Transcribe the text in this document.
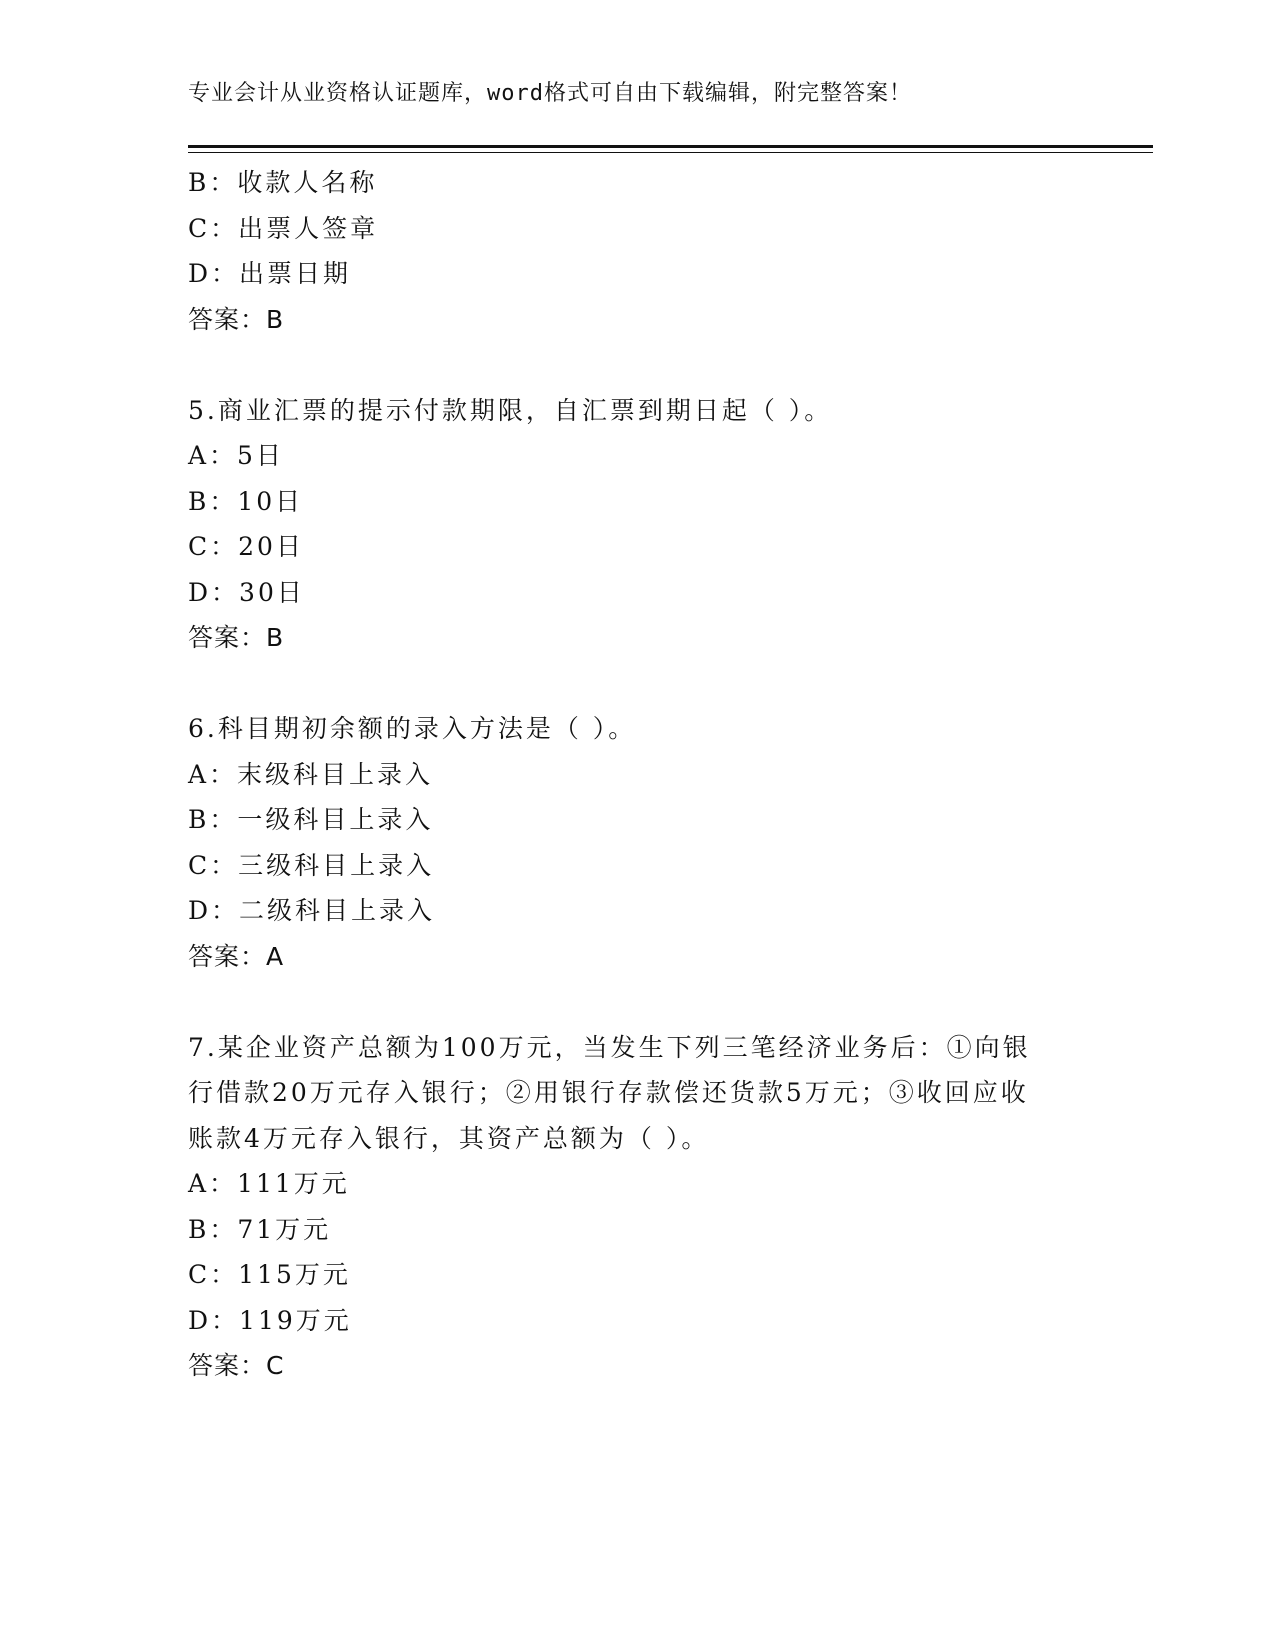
专业会计从业资格认证题库，word格式可自由下载编辑，附完整答案！
B：收款人名称
C：出票人签章
D：出票日期
答案：B
5.商业汇票的提示付款期限，自汇票到期日起（ ）。
A：5日
B：10日
C：20日
D：30日
答案：B
6.科目期初余额的录入方法是（ ）。
A：末级科目上录入
B：一级科目上录入
C：三级科目上录入
D：二级科目上录入
答案：A
7.某企业资产总额为100万元，当发生下列三笔经济业务后：①向银
行借款20万元存入银行；②用银行存款偿还货款5万元；③收回应收
账款4万元存入银行，其资产总额为（ ）。
A：111万元
B：71万元
C：115万元
D：119万元
答案：C
